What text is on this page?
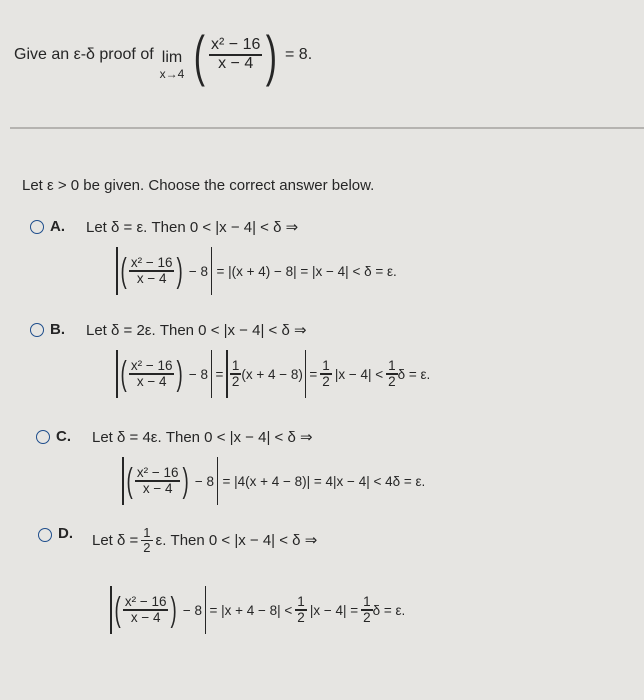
Give an ε-δ proof of lim
x→4 ( $\frac{\text{x² − 16}}{x - 4}$ ) = 8.
Let ε > 0 be given. Choose the correct answer below.
A. Let δ = ε. Then 0 < |x − 4| < δ ⇒
( $\frac{\text{x² − 16}}{x - 4}$ ) − 8 = |(x + 4) − 8| = |x − 4| < δ = ε.
B. Let δ = 2ε. Then 0 < |x − 4| < δ ⇒
( $\frac{\text{x² − 16}}{x - 4}$ ) − $8 = \frac{1}{2} (x + 4 - 8) = \frac{1}{2} |x - 4| < \frac{1}{2}$ δ = ε.
C. Let δ = 4ε. Then 0 < |x − 4| < δ ⇒
( $\frac{\text{x² − 16}}{x - 4}$ ) − 8 = |4(x + 4 − 8)| = 4|x − 4| < 4δ = ε.
D. Let $\delta = \frac{1}{2} \varepsilon$. Then 0 < |x − 4| < δ ⇒
( $\frac{\text{x² − 16}}{x - 4}$ ) − $8 = |x + 4 - 8| < \frac{1}{2} |x - 4| = \frac{1}{2}$ δ = ε.
